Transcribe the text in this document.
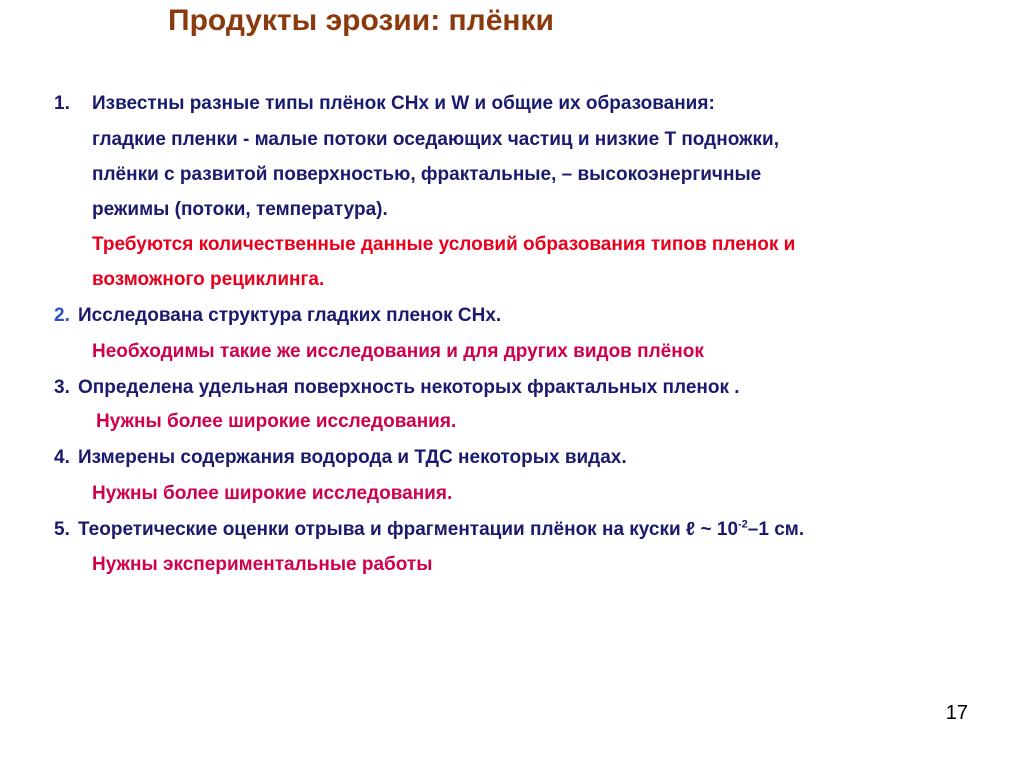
Продукты эрозии: плёнки
1. Известны разные типы плёнок CHx и W и общие их образования:
гладкие пленки - малые потоки оседающих частиц и низкие Т подножки,
плёнки с развитой поверхностью, фрактальные, – высокоэнергичные
режимы (потоки, температура).
Требуются количественные данные условий образования типов пленок и
возможного рециклинга.
2. Исследована структура гладких пленок CHx.
Необходимы такие же исследования и для других видов плёнок
3. Определена удельная поверхность некоторых фрактальных пленок .
Нужны более широкие исследования.
4. Измерены содержания водорода и ТДС некоторых видах.
Нужны более широкие исследования.
5. Теоретические оценки отрыва и фрагментации плёнок на куски ℓ ~ $10^{-2}-1$ см.
Нужны экспериментальные работы
17
